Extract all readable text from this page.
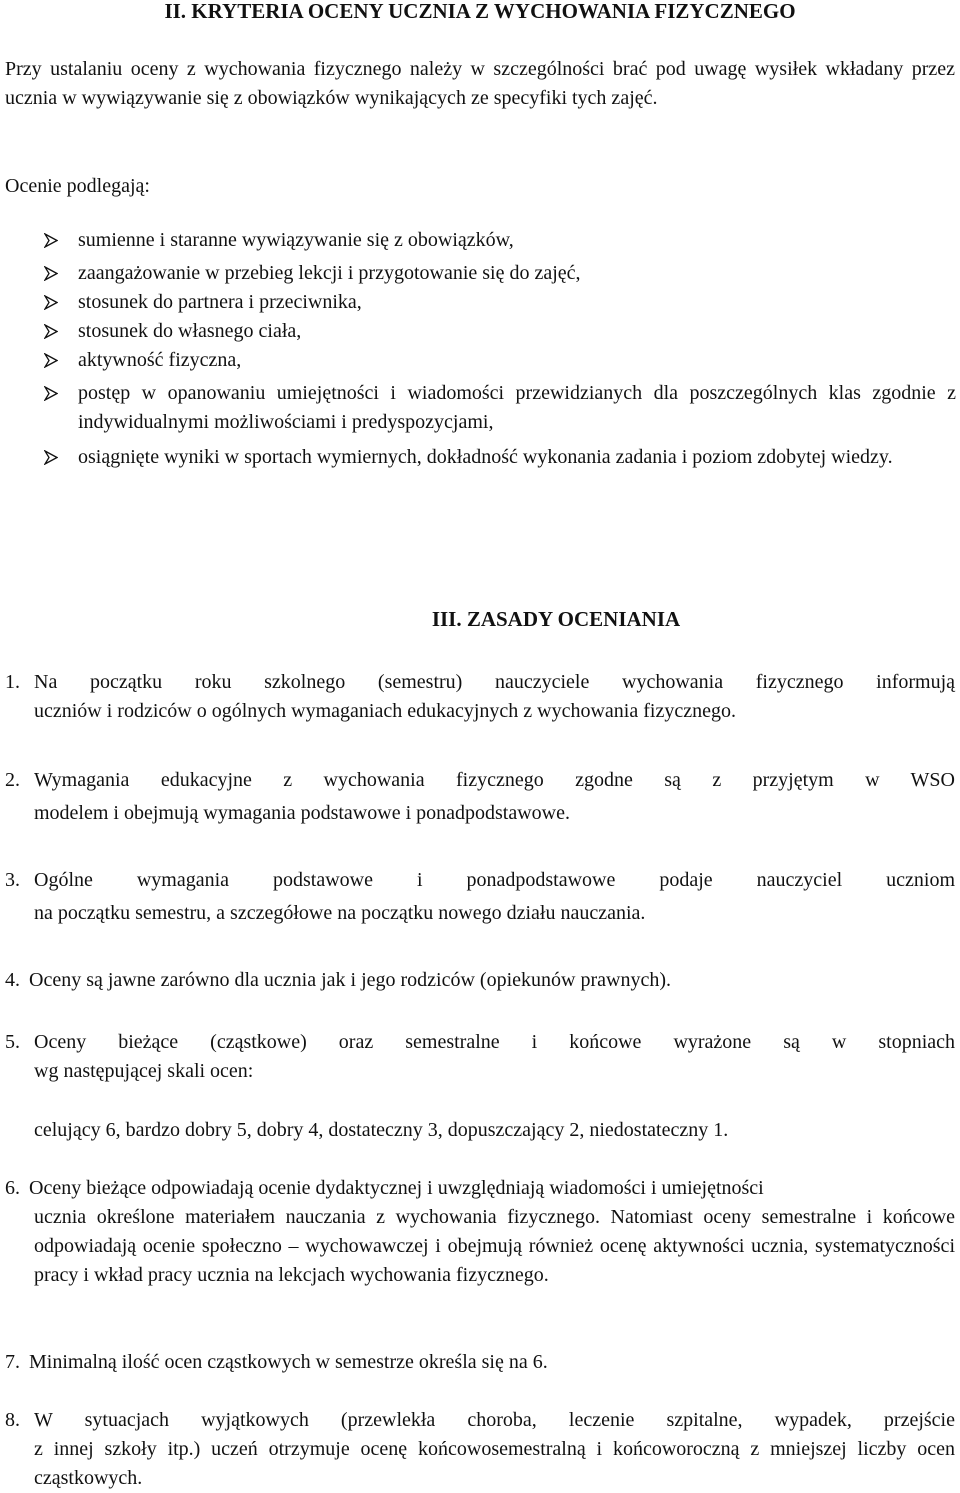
II. KRYTERIA OCENY UCZNIA Z WYCHOWANIA FIZYCZNEGO
Przy ustalaniu oceny z wychowania fizycznego należy w szczególności brać pod uwagę wysiłek wkładany przez ucznia w wywiązywanie się z obowiązków wynikających ze specyfiki tych zajęć.
Ocenie podlegają:
sumienne i staranne wywiązywanie się z obowiązków,
zaangażowanie w przebieg lekcji i przygotowanie się do zajęć,
stosunek do partnera i przeciwnika,
stosunek do własnego ciała,
aktywność fizyczna,
postęp w opanowaniu umiejętności i wiadomości przewidzianych dla poszczególnych klas zgodnie z indywidualnymi możliwościami i predyspozycjami,
osiągnięte wyniki w sportach wymiernych, dokładność wykonania zadania i poziom zdobytej wiedzy.
III. ZASADY OCENIANIA
1. Na początku roku szkolnego (semestru) nauczyciele wychowania fizycznego informują
uczniów i rodziców o ogólnych wymaganiach edukacyjnych z wychowania fizycznego.
2. Wymagania edukacyjne z wychowania fizycznego zgodne są z przyjętym w WSO
modelem i obejmują wymagania podstawowe i ponadpodstawowe.
3. Ogólne wymagania podstawowe i ponadpodstawowe podaje nauczyciel uczniom
na początku semestru, a szczegółowe na początku nowego działu nauczania.
4. Oceny są jawne zarówno dla ucznia jak i jego rodziców (opiekunów prawnych).
5. Oceny bieżące (cząstkowe) oraz semestralne i końcowe wyrażone są w stopniach
wg następującej skali ocen:
celujący 6, bardzo dobry 5, dobry 4, dostateczny 3, dopuszczający 2, niedostateczny 1.
6. Oceny bieżące odpowiadają ocenie dydaktycznej i uwzględniają wiadomości i umiejętności
ucznia określone materiałem nauczania z wychowania fizycznego. Natomiast oceny semestralne i końcowe odpowiadają ocenie społeczno – wychowawczej i obejmują również ocenę aktywności ucznia, systematyczności pracy i wkład pracy ucznia na lekcjach wychowania fizycznego.
7. Minimalną ilość ocen cząstkowych w semestrze określa się na 6.
8. W sytuacjach wyjątkowych (przewlekła choroba, leczenie szpitalne, wypadek, przejście
z innej szkoły itp.) uczeń otrzymuje ocenę końcowosemestralną i końcoworoczną z mniejszej liczby ocen cząstkowych.
